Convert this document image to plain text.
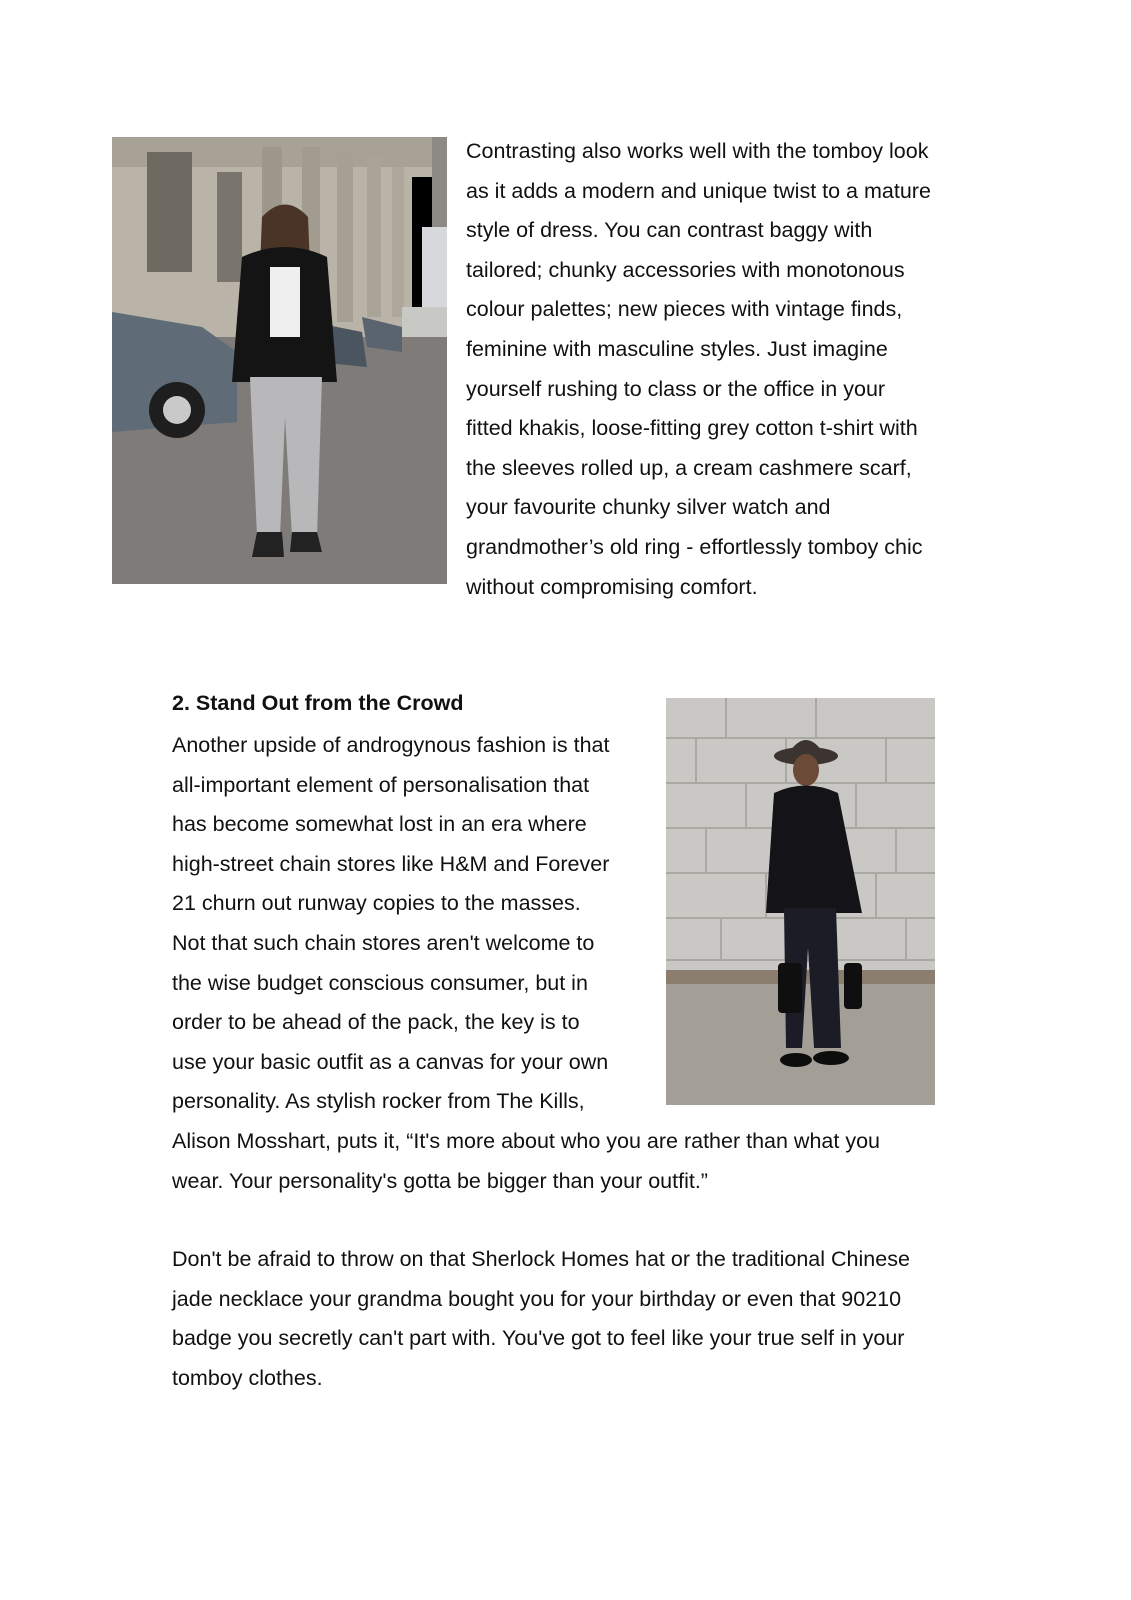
Contrasting also works well with the tomboy look
as it adds a modern and unique twist to a mature
style of dress. You can contrast baggy with
tailored; chunky accessories with monotonous
colour palettes; new pieces with vintage finds,
feminine with masculine styles. Just imagine
yourself rushing to class or the office in your
fitted khakis, loose-fitting grey cotton t-shirt with
the sleeves rolled up, a cream cashmere scarf,
your favourite chunky silver watch and
grandmother’s old ring - effortlessly tomboy chic
without compromising comfort.

2. Stand Out from the Crowd

Another upside of androgynous fashion is that
all-important element of personalisation that
has become somewhat lost in an era where
high-street chain stores like H&M and Forever
21 churn out runway copies to the masses.
Not that such chain stores aren't welcome to
the wise budget conscious consumer, but in
order to be ahead of the pack, the key is to
use your basic outfit as a canvas for your own
personality. As stylish rocker from The Kills,

Alison Mosshart, puts it, “It's more about who you are rather than what you
wear. Your personality's gotta be bigger than your outfit.”

Don't be afraid to throw on that Sherlock Homes hat or the traditional Chinese
jade necklace your grandma bought you for your birthday or even that 90210
badge you secretly can't part with. You've got to feel like your true self in your
tomboy clothes.
